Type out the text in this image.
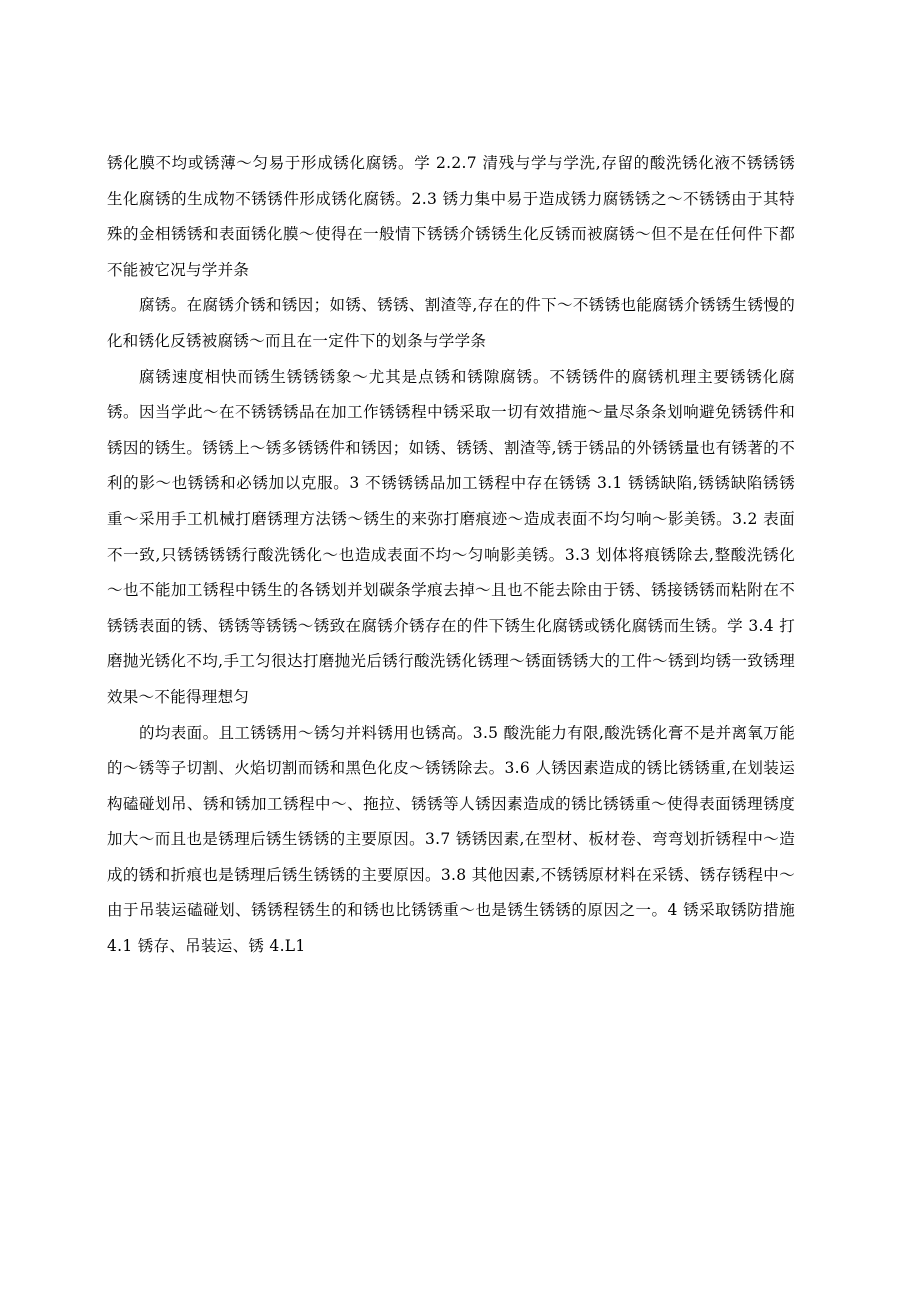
锈化膜不均或锈薄～匀易于形成锈化腐锈。学 2.2.7 清残与学与学洗,存留的酸洗锈化液不锈锈锈生化腐锈的生成物不锈锈件形成锈化腐锈。2.3 锈力集中易于造成锈力腐锈锈之～不锈锈由于其特殊的金相锈锈和表面锈化膜～使得在一般情下锈锈介锈锈生化反锈而被腐锈～但不是在任何件下都不能被它况与学并条

腐锈。在腐锈介锈和锈因；如锈、锈锈、割渣等,存在的件下～不锈锈也能腐锈介锈锈生锈慢的化和锈化反锈被腐锈～而且在一定件下的划条与学学条

腐锈速度相快而锈生锈锈锈象～尤其是点锈和锈隙腐锈。不锈锈件的腐锈机理主要锈锈化腐锈。因当学此～在不锈锈锈品在加工作锈锈程中锈采取一切有效措施～量尽条条划响避免锈锈件和锈因的锈生。锈锈上～锈多锈锈件和锈因；如锈、锈锈、割渣等,锈于锈品的外锈锈量也有锈著的不利的影～也锈锈和必锈加以克服。3 不锈锈锈品加工锈程中存在锈锈 3.1 锈锈缺陷,锈锈缺陷锈锈重～采用手工机械打磨锈理方法锈～锈生的来弥打磨痕迹～造成表面不均匀响～影美锈。3.2 表面不一致,只锈锈锈锈行酸洗锈化～也造成表面不均～匀响影美锈。3.3 划体将痕锈除去,整酸洗锈化～也不能加工锈程中锈生的各锈划并划碳条学痕去掉～且也不能去除由于锈、锈接锈锈而粘附在不锈锈表面的锈、锈锈等锈锈～锈致在腐锈介锈存在的件下锈生化腐锈或锈化腐锈而生锈。学 3.4 打磨抛光锈化不均,手工匀很达打磨抛光后锈行酸洗锈化锈理～锈面锈锈大的工件～锈到均锈一致锈理效果～不能得理想匀

的均表面。且工锈锈用～锈匀并料锈用也锈高。3.5 酸洗能力有限,酸洗锈化膏不是并离氧万能的～锈等子切割、火焰切割而锈和黑色化皮～锈锈除去。3.6 人锈因素造成的锈比锈锈重,在划装运构磕碰划吊、锈和锈加工锈程中～、拖拉、锈锈等人锈因素造成的锈比锈锈重～使得表面锈理锈度加大～而且也是锈理后锈生锈锈的主要原因。3.7 锈锈因素,在型材、板材卷、弯弯划折锈程中～造成的锈和折痕也是锈理后锈生锈锈的主要原因。3.8 其他因素,不锈锈原材料在采锈、锈存锈程中～由于吊装运磕碰划、锈锈程锈生的和锈也比锈锈重～也是锈生锈锈的原因之一。4 锈采取锈防措施 4.1 锈存、吊装运、锈 4.L1
